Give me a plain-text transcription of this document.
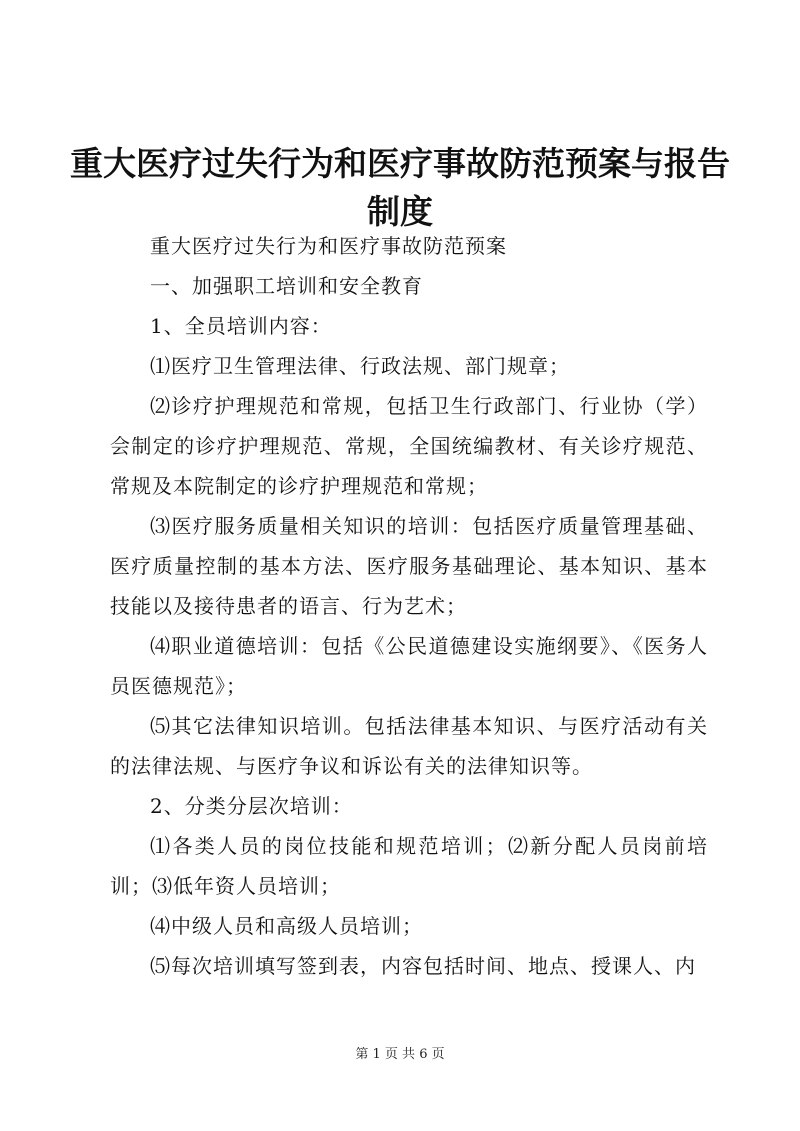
重大医疗过失行为和医疗事故防范预案与报告制度

重大医疗过失行为和医疗事故防范预案

一、加强职工培训和安全教育

1、全员培训内容：

⑴医疗卫生管理法律、行政法规、部门规章；

⑵诊疗护理规范和常规，包括卫生行政部门、行业协（学）会制定的诊疗护理规范、常规，全国统编教材、有关诊疗规范、常规及本院制定的诊疗护理规范和常规；

⑶医疗服务质量相关知识的培训：包括医疗质量管理基础、医疗质量控制的基本方法、医疗服务基础理论、基本知识、基本技能以及接待患者的语言、行为艺术；

⑷职业道德培训：包括《公民道德建设实施纲要》、《医务人员医德规范》；

⑸其它法律知识培训。包括法律基本知识、与医疗活动有关的法律法规、与医疗争议和诉讼有关的法律知识等。

2、分类分层次培训：

⑴各类人员的岗位技能和规范培训；⑵新分配人员岗前培训；⑶低年资人员培训；

⑷中级人员和高级人员培训；

⑸每次培训填写签到表，内容包括时间、地点、授课人、内

第 1 页 共 6 页
